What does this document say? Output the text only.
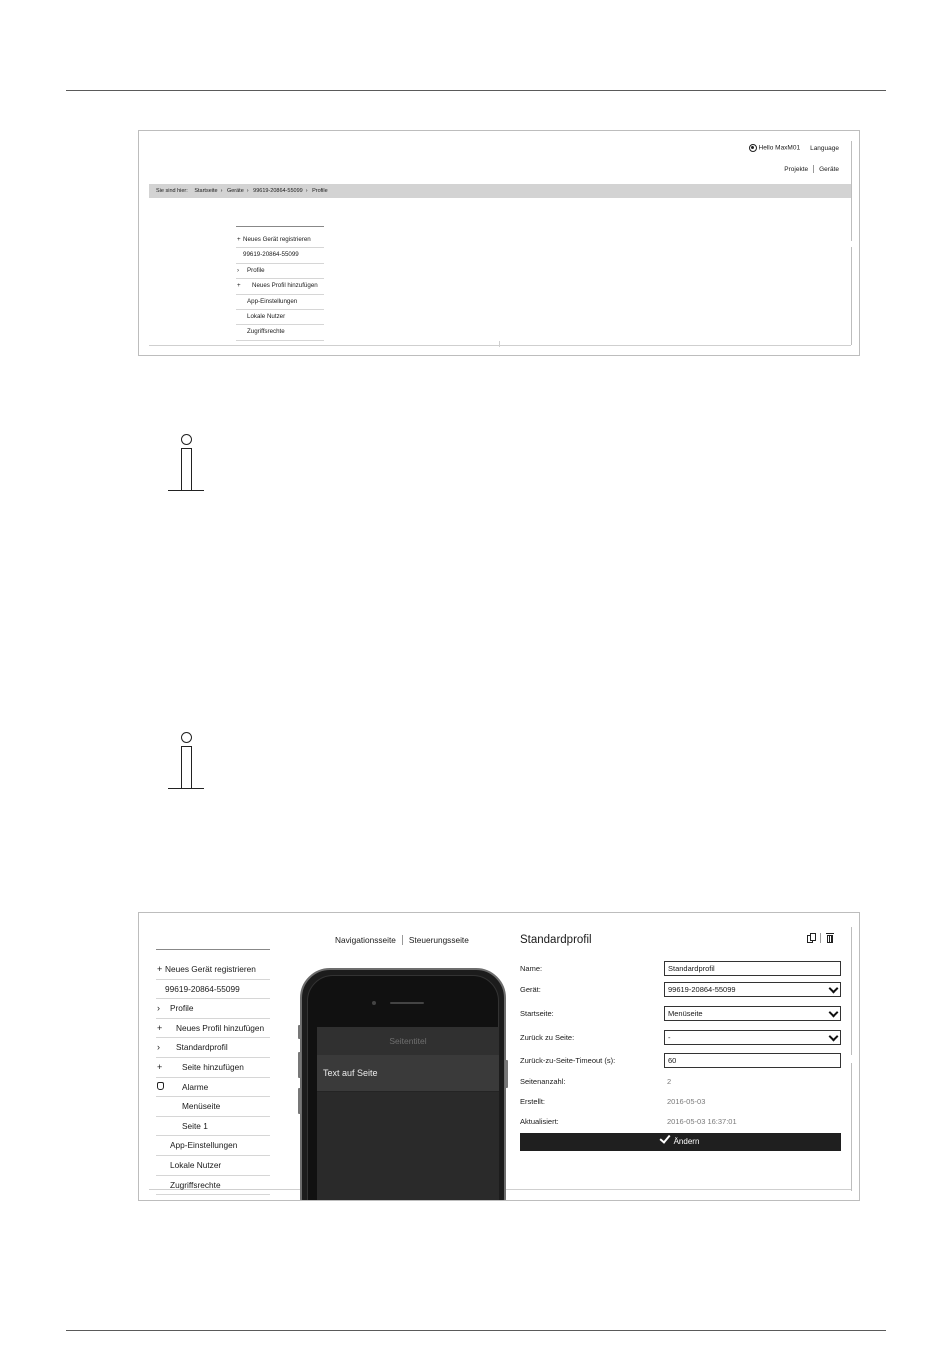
Hello MaxM01 Language
Projekte Geräte
Sie sind hier: Startseite › Geräte › 99619-20864-55099 › Profile
+ Neues Gerät registrieren
99619-20864-55099
› Profile
+ Neues Profil hinzufügen
App-Einstellungen
Lokale Nutzer
Zugriffsrechte
+ Neues Gerät registrieren
99619-20864-55099
› Profile
+ Neues Profil hinzufügen
› Standardprofil
+ Seite hinzufügen
Alarme
Menüseite
Seite 1
App-Einstellungen
Lokale Nutzer
Zugriffsrechte
Navigationsseite Steuerungsseite
Seitentitel
Text auf Seite
Standardprofil
Name:	Standardprofil
Gerät:	99619-20864-55099
Startseite:	Menüseite
Zurück zu Seite:	-
Zurück-zu-Seite-Timeout (s):	60
Seitenanzahl:	2
Erstellt:	2016-05-03
Aktualisiert:	2016-05-03 16:37:01
Ändern
